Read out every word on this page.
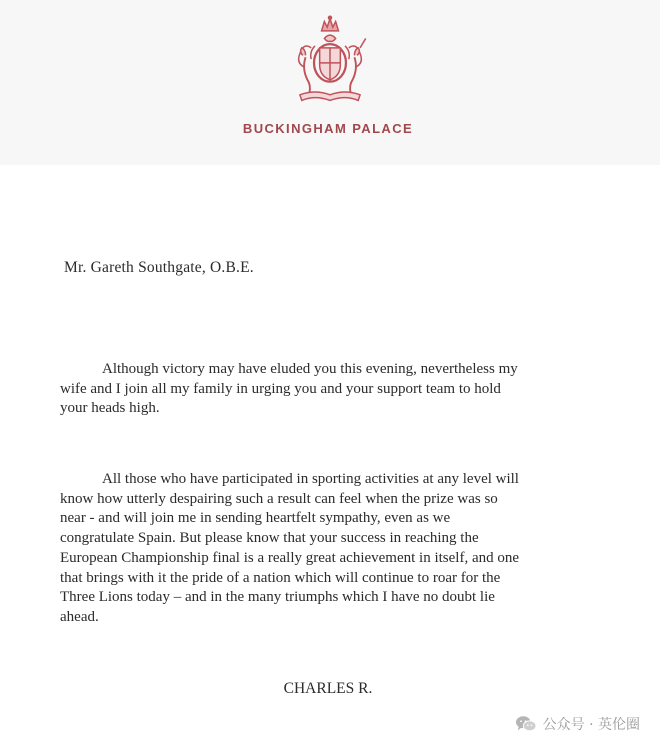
BUCKINGHAM PALACE
Mr. Gareth Southgate, O.B.E.
Although victory may have eluded you this evening, nevertheless my
wife and I join all my family in urging you and your support team to hold
your heads high.
All those who have participated in sporting activities at any level will
know how utterly despairing such a result can feel when the prize was so
near - and will join me in sending heartfelt sympathy, even as we
congratulate Spain. But please know that your success in reaching the
European Championship final is a really great achievement in itself, and one
that brings with it the pride of a nation which will continue to roar for the
Three Lions today – and in the many triumphs which I have no doubt lie
ahead.
CHARLES R.
公众号 · 英伦圈
